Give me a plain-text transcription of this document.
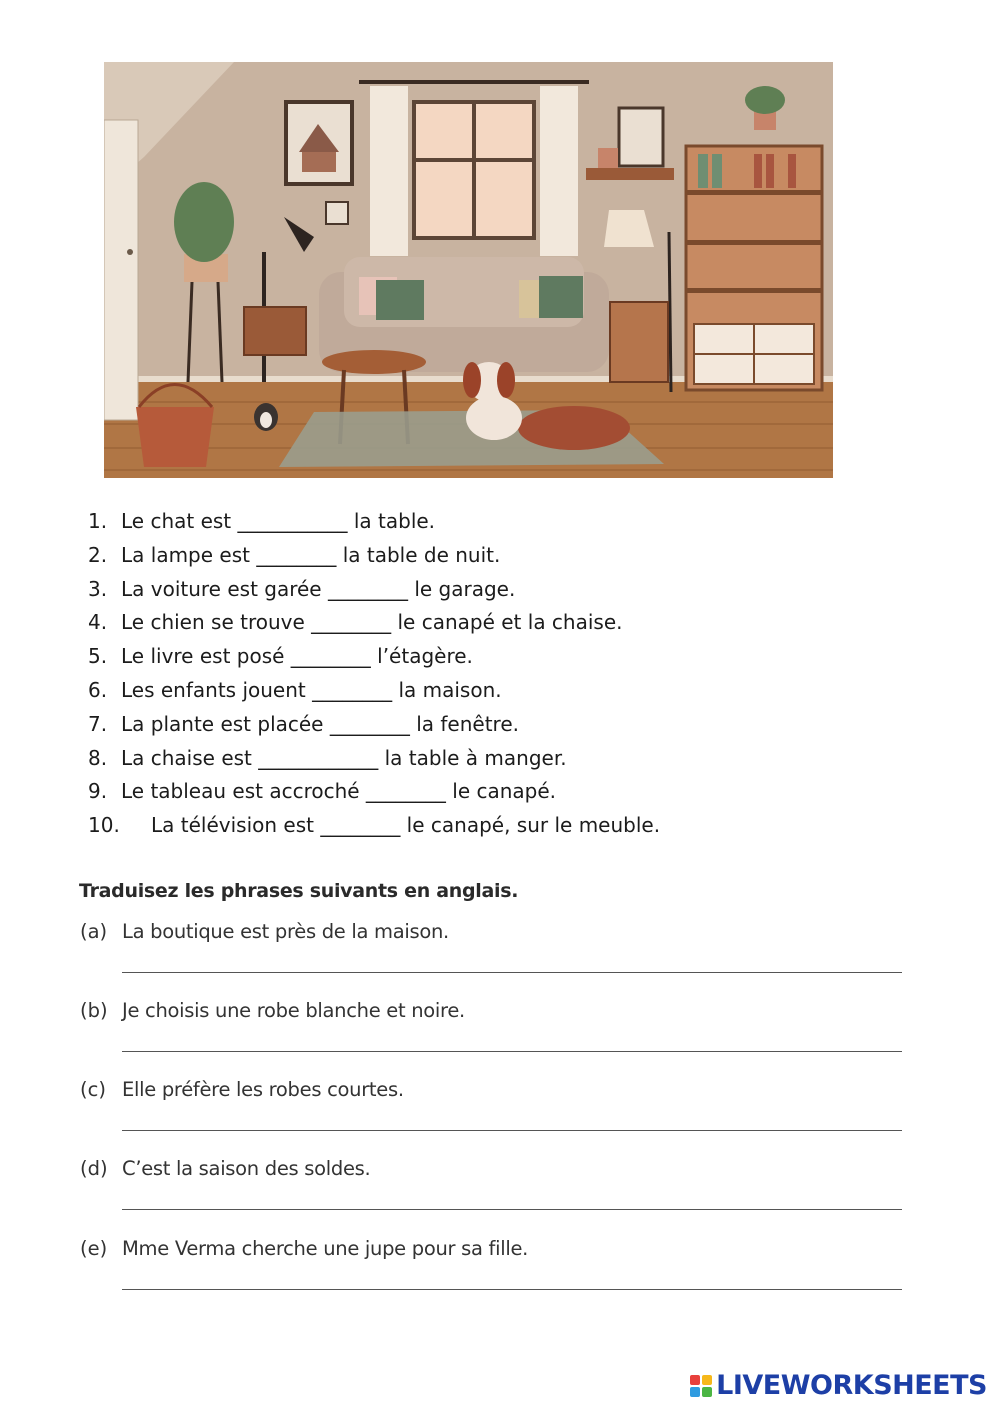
1. Le chat est ___________ la table.
2. La lampe est ________ la table de nuit.
3. La voiture est garée ________ le garage.
4. Le chien se trouve ________ le canapé et la chaise.
5. Le livre est posé ________ l’étagère.
6. Les enfants jouent ________ la maison.
7. La plante est placée ________ la fenêtre.
8. La chaise est ____________ la table à manger.
9. Le tableau est accroché ________ le canapé.
10.	La télévision est ________ le canapé, sur le meuble.
Traduisez les phrases suivants en anglais.
(a) La boutique est près de la maison.
(b) Je choisis une robe blanche et noire.
(c) Elle préfère les robes courtes.
(d) C’est la saison des soldes.
(e) Mme Verma cherche une jupe pour sa fille.
LIVEWORKSHEETS
